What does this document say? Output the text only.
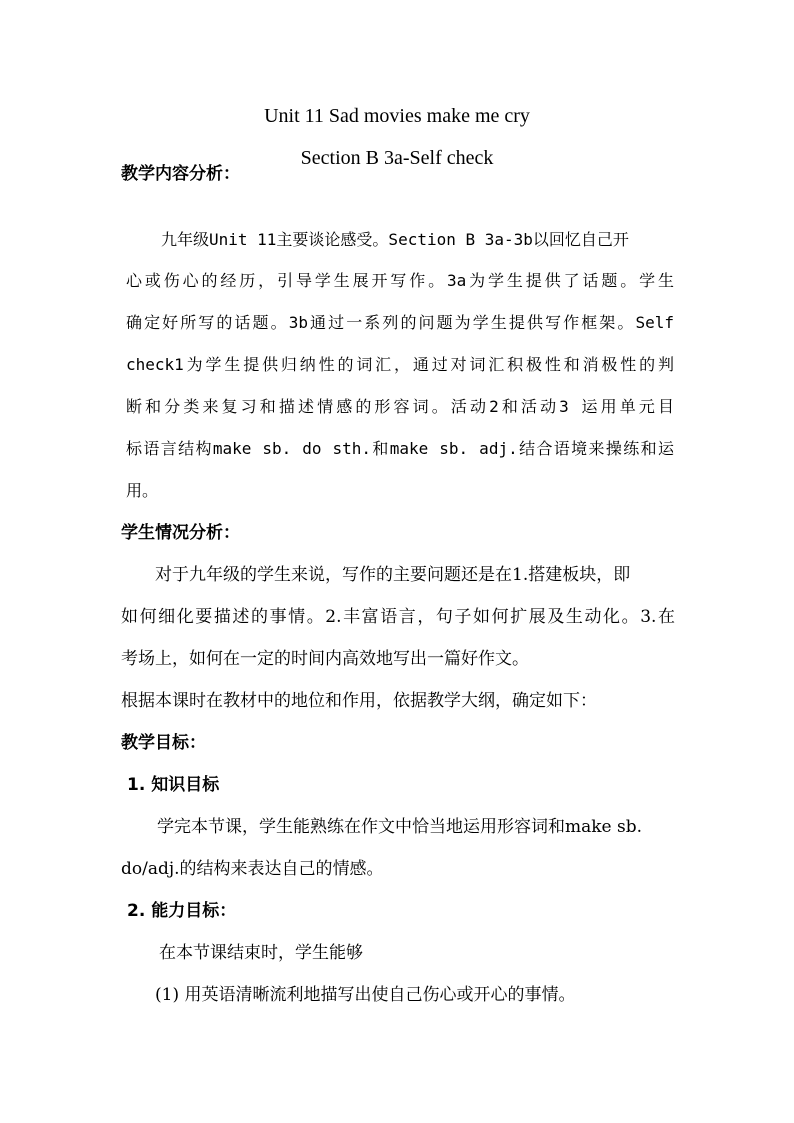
Unit 11 Sad movies make me cry
Section B 3a-Self check
教学内容分析：
九年级Unit 11主要谈论感受。Section B 3a-3b以回忆自己开
心或伤心的经历，引导学生展开写作。3a为学生提供了话题。学生
确定好所写的话题。3b通过一系列的问题为学生提供写作框架。Self
check1为学生提供归纳性的词汇，通过对词汇积极性和消极性的判
断和分类来复习和描述情感的形容词。活动2和活动3 运用单元目
标语言结构make sb. do sth.和make sb. adj.结合语境来操练和运
用。
学生情况分析：
对于九年级的学生来说，写作的主要问题还是在1.搭建板块，即
如何细化要描述的事情。2.丰富语言，句子如何扩展及生动化。3.在
考场上，如何在一定的时间内高效地写出一篇好作文。
根据本课时在教材中的地位和作用，依据教学大纲，确定如下：
教学目标：
1. 知识目标
学完本节课，学生能熟练在作文中恰当地运用形容词和make sb.
do/adj.的结构来表达自己的情感。
2. 能力目标：
在本节课结束时，学生能够
(1) 用英语清晰流利地描写出使自己伤心或开心的事情。
